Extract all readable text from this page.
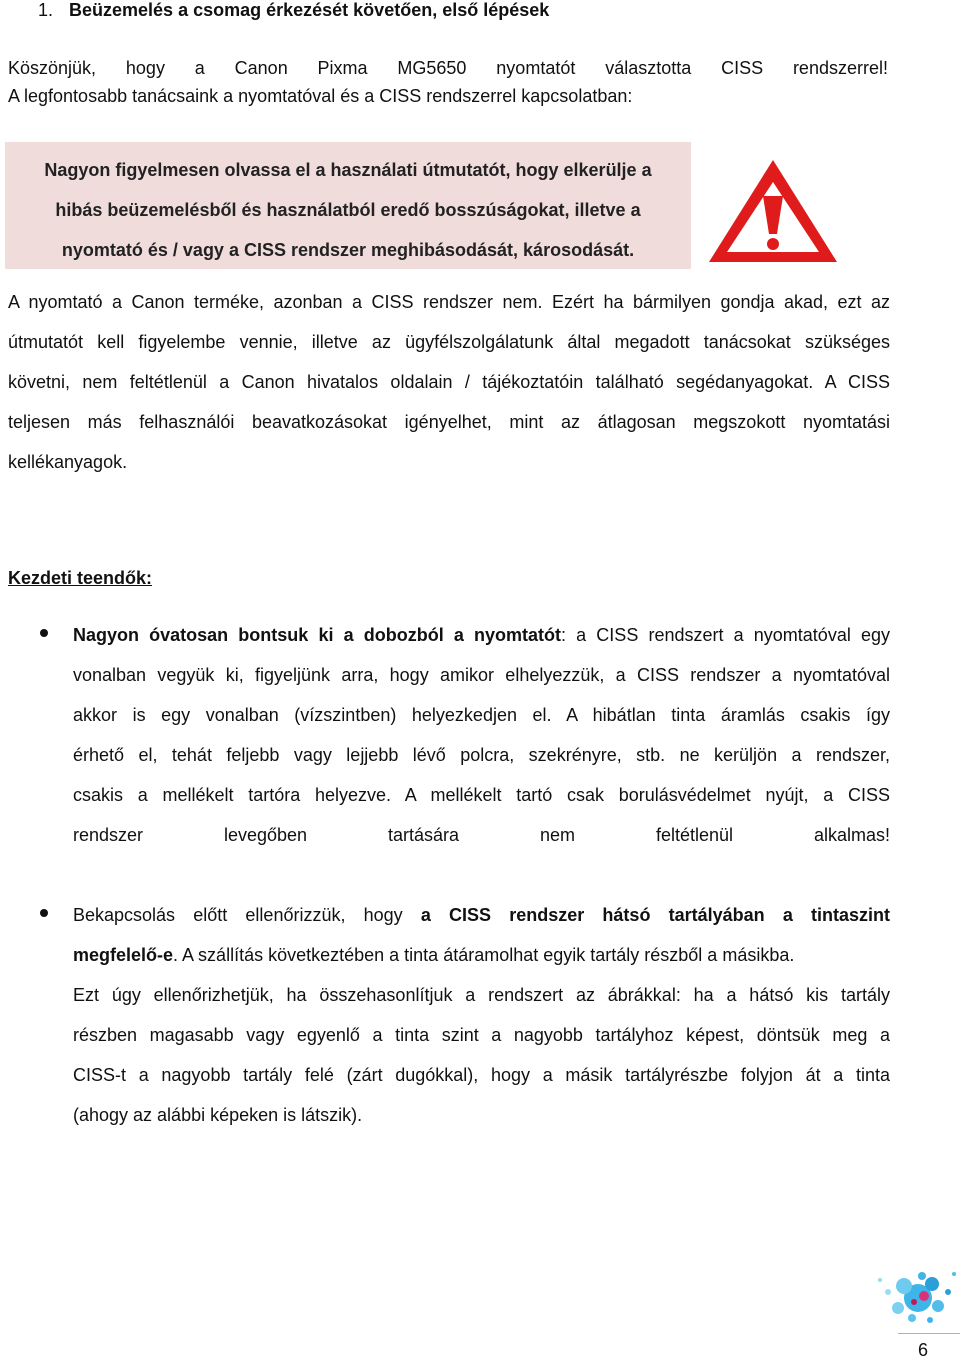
1. Beüzemelés a csomag érkezését követően, első lépések
Köszönjük, hogy a Canon Pixma MG5650 nyomtatót választotta CISS rendszerrel!
A legfontosabb tanácsaink a nyomtatóval és a CISS rendszerrel kapcsolatban:
Nagyon figyelmesen olvassa el a használati útmutatót, hogy elkerülje a
hibás beüzemelésből és használatból eredő bosszúságokat, illetve a
nyomtató és / vagy a CISS rendszer meghibásodását, károsodását.
A nyomtató a Canon terméke, azonban a CISS rendszer nem. Ezért ha bármilyen gondja akad, ezt az
útmutatót kell figyelembe vennie, illetve az ügyfélszolgálatunk által megadott tanácsokat szükséges
követni, nem feltétlenül a Canon hivatalos oldalain / tájékoztatóin található segédanyagokat. A CISS
teljesen más felhasználói beavatkozásokat igényelhet, mint az átlagosan megszokott nyomtatási
kellékanyagok.
Kezdeti teendők:
Nagyon óvatosan bontsuk ki a dobozból a nyomtatót: a CISS rendszert a nyomtatóval egy
vonalban vegyük ki, figyeljünk arra, hogy amikor elhelyezzük, a CISS rendszer a nyomtatóval
akkor is egy vonalban (vízszintben) helyezkedjen el. A hibátlan tinta áramlás csakis így
érhető el, tehát feljebb vagy lejjebb lévő polcra, szekrényre, stb. ne kerüljön a rendszer,
csakis a mellékelt tartóra helyezve. A mellékelt tartó csak borulásvédelmet nyújt, a CISS
rendszer levegőben tartására nem feltétlenül alkalmas!
Bekapcsolás előtt ellenőrizzük, hogy a CISS rendszer hátsó tartályában a tintaszint
megfelelő-e. A szállítás következtében a tinta átáramolhat egyik tartály részből a másikba.
Ezt úgy ellenőrizhetjük, ha összehasonlítjuk a rendszert az ábrákkal: ha a hátsó kis tartály
részben magasabb vagy egyenlő a tinta szint a nagyobb tartályhoz képest, döntsük meg a
CISS-t a nagyobb tartály felé (zárt dugókkal), hogy a másik tartályrészbe folyjon át a tinta
(ahogy az alábbi képeken is látszik).
6
